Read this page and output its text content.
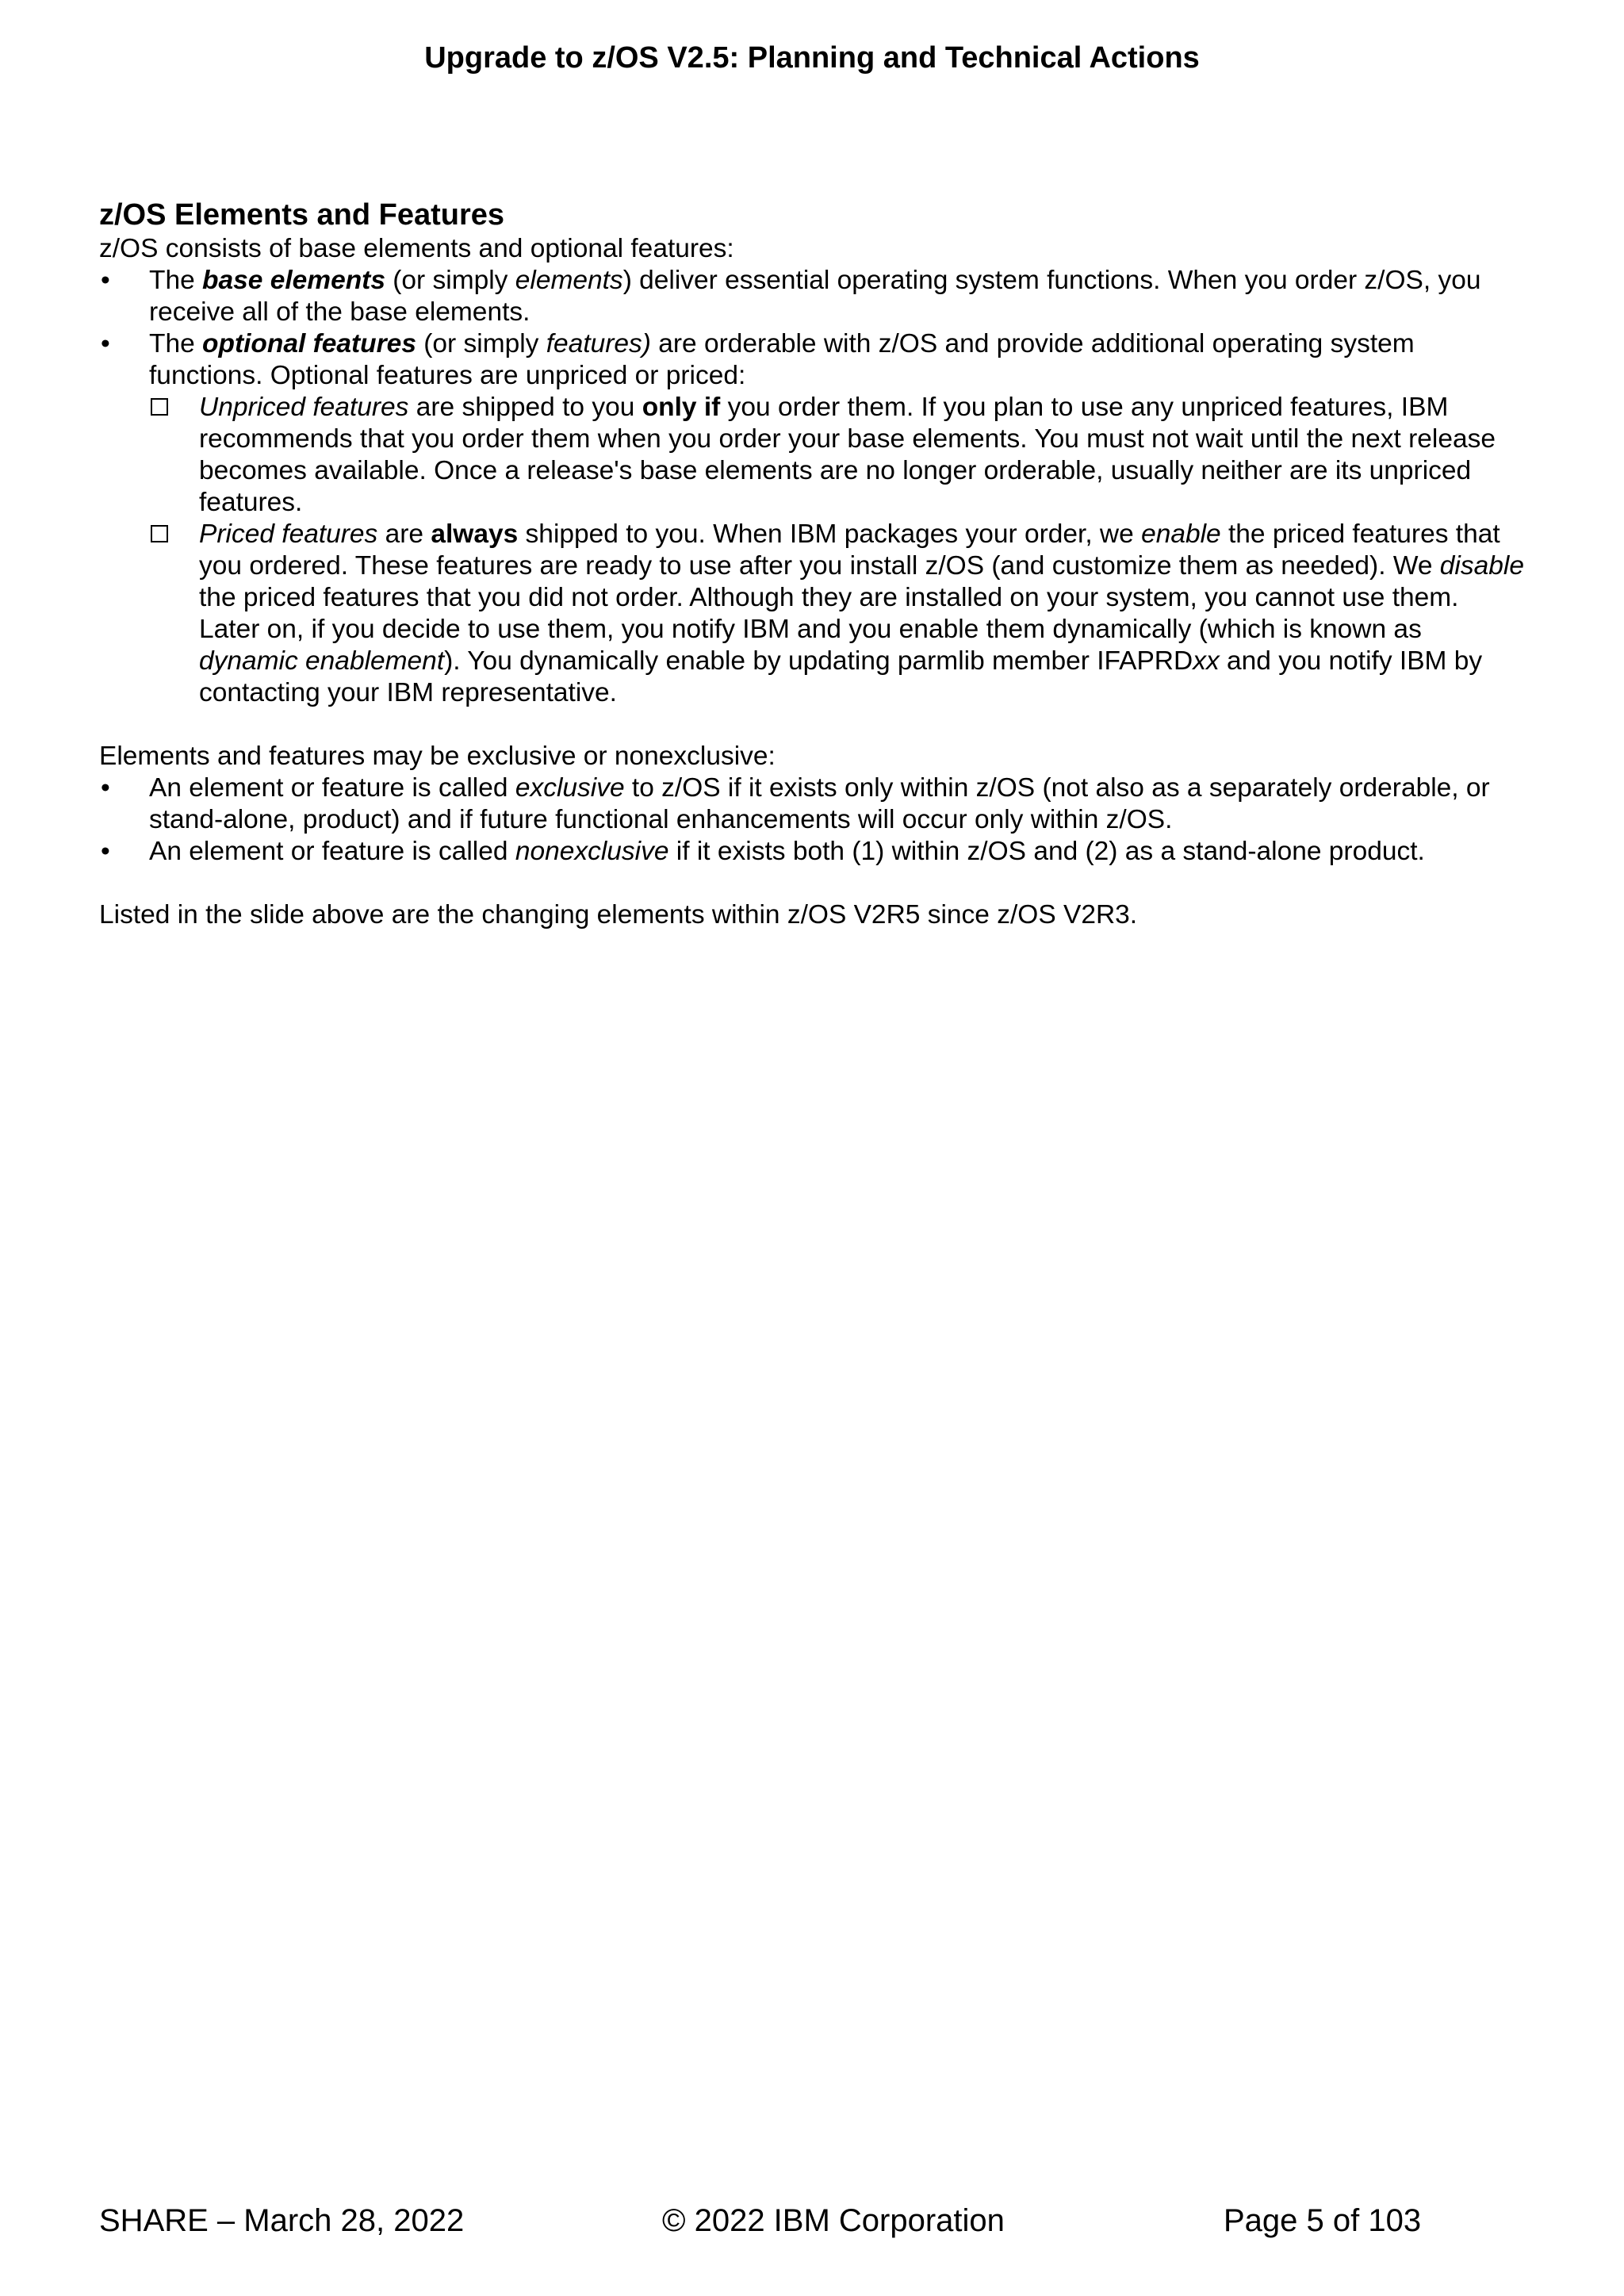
Upgrade to z/OS V2.5: Planning and Technical Actions
z/OS Elements and Features

z/OS consists of base elements and optional features:

•	The base elements (or simply elements) deliver essential operating system functions. When you order z/OS, you receive all of the base elements.
•	The optional features (or simply features) are orderable with z/OS and provide additional operating system functions. Optional features are unpriced or priced:
Unpriced features are shipped to you only if you order them. If you plan to use any unpriced features, IBM recommends that you order them when you order your base elements. You must not wait until the next release becomes available. Once a release's base elements are no longer orderable, usually neither are its unpriced features.
Priced features are always shipped to you. When IBM packages your order, we enable the priced features that you ordered. These features are ready to use after you install z/OS (and customize them as needed). We disable the priced features that you did not order. Although they are installed on your system, you cannot use them. Later on, if you decide to use them, you notify IBM and you enable them dynamically (which is known as dynamic enablement). You dynamically enable by updating parmlib member IFAPRDxx and you notify IBM by contacting your IBM representative.

Elements and features may be exclusive or nonexclusive:

•	An element or feature is called exclusive to z/OS if it exists only within z/OS (not also as a separately orderable, or stand-alone, product) and if future functional enhancements will occur only within z/OS.
•	An element or feature is called nonexclusive if it exists both (1) within z/OS and (2) as a stand-alone product.

Listed in the slide above are the changing elements within z/OS V2R5 since z/OS V2R3.

SHARE – March 28, 2022	© 2022 IBM Corporation	Page 5 of 103
